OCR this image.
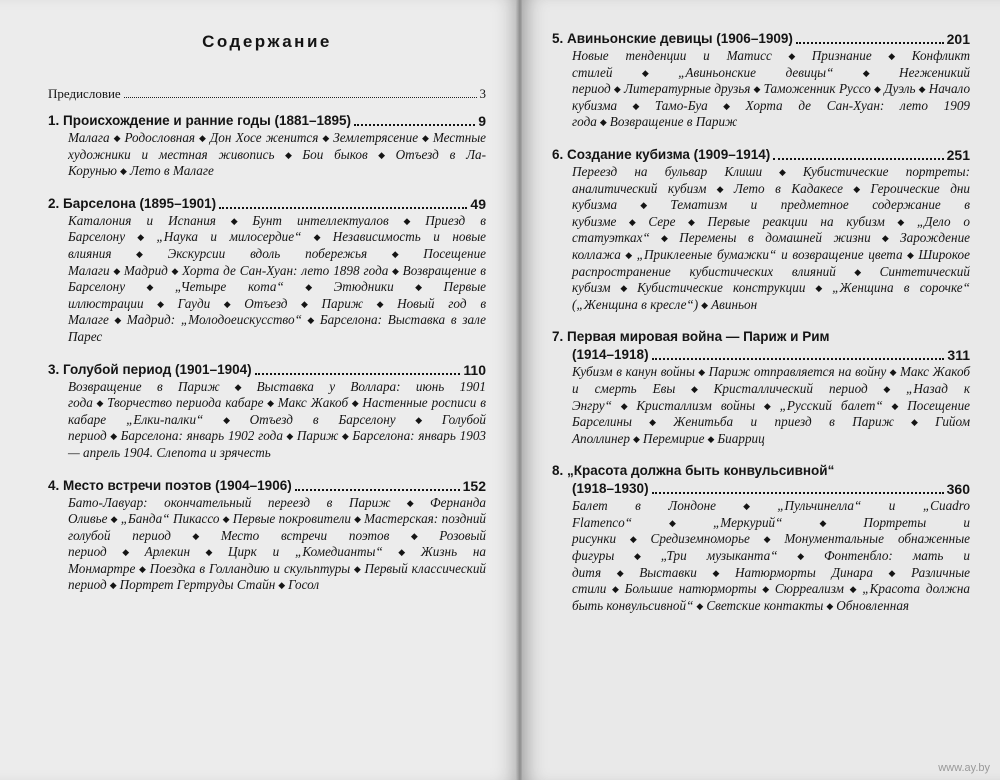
Содержание
Предисловие	3
1. Происхождение и ранние годы (1881–1895)	9
Малага ◆ Родословная ◆ Дон Хосе женится ◆ Землетрясение ◆ Местные художники и местная живопись ◆ Бои быков ◆ Отъезд в Ла-Корунью ◆ Лето в Малаге
2. Барселона (1895–1901)	49
Каталония и Испания ◆ Бунт интеллектуалов ◆ Приезд в Барселону ◆ „Наука и милосердие“ ◆ Независимость и новые влияния ◆ Экскурсии вдоль побережья ◆ Посещение Малаги ◆ Мадрид ◆ Хорта де Сан-Хуан: лето 1898 года ◆ Возвращение в Барселону ◆ „Четыре кота“ ◆ Этюдники ◆ Первые иллюстрации ◆ Гауди ◆ Отъезд ◆ Париж ◆ Новый год в Малаге ◆ Мадрид: „Молодоеискусство“ ◆ Барселона: Выставка в зале Парес
3. Голубой период (1901–1904)	110
Возвращение в Париж ◆ Выставка у Воллара: июнь 1901 года ◆ Творчество периода кабаре ◆ Макс Жакоб ◆ Настенные росписи в кабаре „Елки-палки“ ◆ Отъезд в Барселону ◆ Голубой период ◆ Барселона: январь 1902 года ◆ Париж ◆ Барселона: январь 1903 — апрель 1904. Слепота и зрячесть
4. Место встречи поэтов (1904–1906)	152
Бато-Лавуар: окончательный переезд в Париж ◆ Фернанда Оливье ◆ „Банда“ Пикассо ◆ Первые покровители ◆ Мастерская: поздний голубой период ◆ Место встречи поэтов ◆ Розовый период ◆ Арлекин ◆ Цирк и „Комедианты“ ◆ Жизнь на Монмартре ◆ Поездка в Голландию и скульптуры ◆ Первый классический период ◆ Портрет Гертруды Стайн ◆ Госол
5. Авиньонские девицы (1906–1909)	201
Новые тенденции и Матисс ◆ Признание ◆ Конфликт стилей ◆ „Авиньонские девицы“ ◆ Негженикий период ◆ Литературные друзья ◆ Таможенник Руссо ◆ Дуэль ◆ Начало кубизма ◆ Тамо-Буа ◆ Хорта де Сан-Хуан: лето 1909 года ◆ Возвращение в Париж
6. Создание кубизма (1909–1914)	251
Переезд на бульвар Клиши ◆ Кубистические портреты: аналитический кубизм ◆ Лето в Кадакесе ◆ Героические дни кубизма ◆ Тематизм и предметное содержание в кубизме ◆ Сере ◆ Первые реакции на кубизм ◆ „Дело о статуэтках“ ◆ Перемены в домашней жизни ◆ Зарождение коллажа ◆ „Приклееные бумажки“ и возвращение цвета ◆ Широкое распространение кубистических влияний ◆ Синтетический кубизм ◆ Кубистические конструкции ◆ „Женщина в сорочке“ („Женщина в кресле“) ◆ Авиньон
7. Первая мировая война — Париж и Рим
(1914–1918)	311
Кубизм в канун войны ◆ Париж отправляется на войну ◆ Макс Жакоб и смерть Евы ◆ Кристаллический период ◆ „Назад к Энгру“ ◆ Кристаллизм войны ◆ „Русский балет“ ◆ Посещение Барселины ◆ Женитьба и приезд в Париж ◆ Гийом Аполлинер ◆ Перемирие ◆ Биарриц
8. „Красота должна быть конвульсивной“
(1918–1930)	360
Балет в Лондоне ◆ „Пульчинелла“ и „Cuadro Flamenco“ ◆ „Меркурий“ ◆ Портреты и рисунки ◆ Средиземноморье ◆ Монументальные обнаженные фигуры ◆ „Три музыканта“ ◆ Фонтенбло: мать и дитя ◆ Выставки ◆ Натюрморты Динара ◆ Различные стили ◆ Большие натюрморты ◆ Сюрреализм ◆ „Красота должна быть конвульсивной“ ◆ Светские контакты ◆ Обновленная
www.ay.by
